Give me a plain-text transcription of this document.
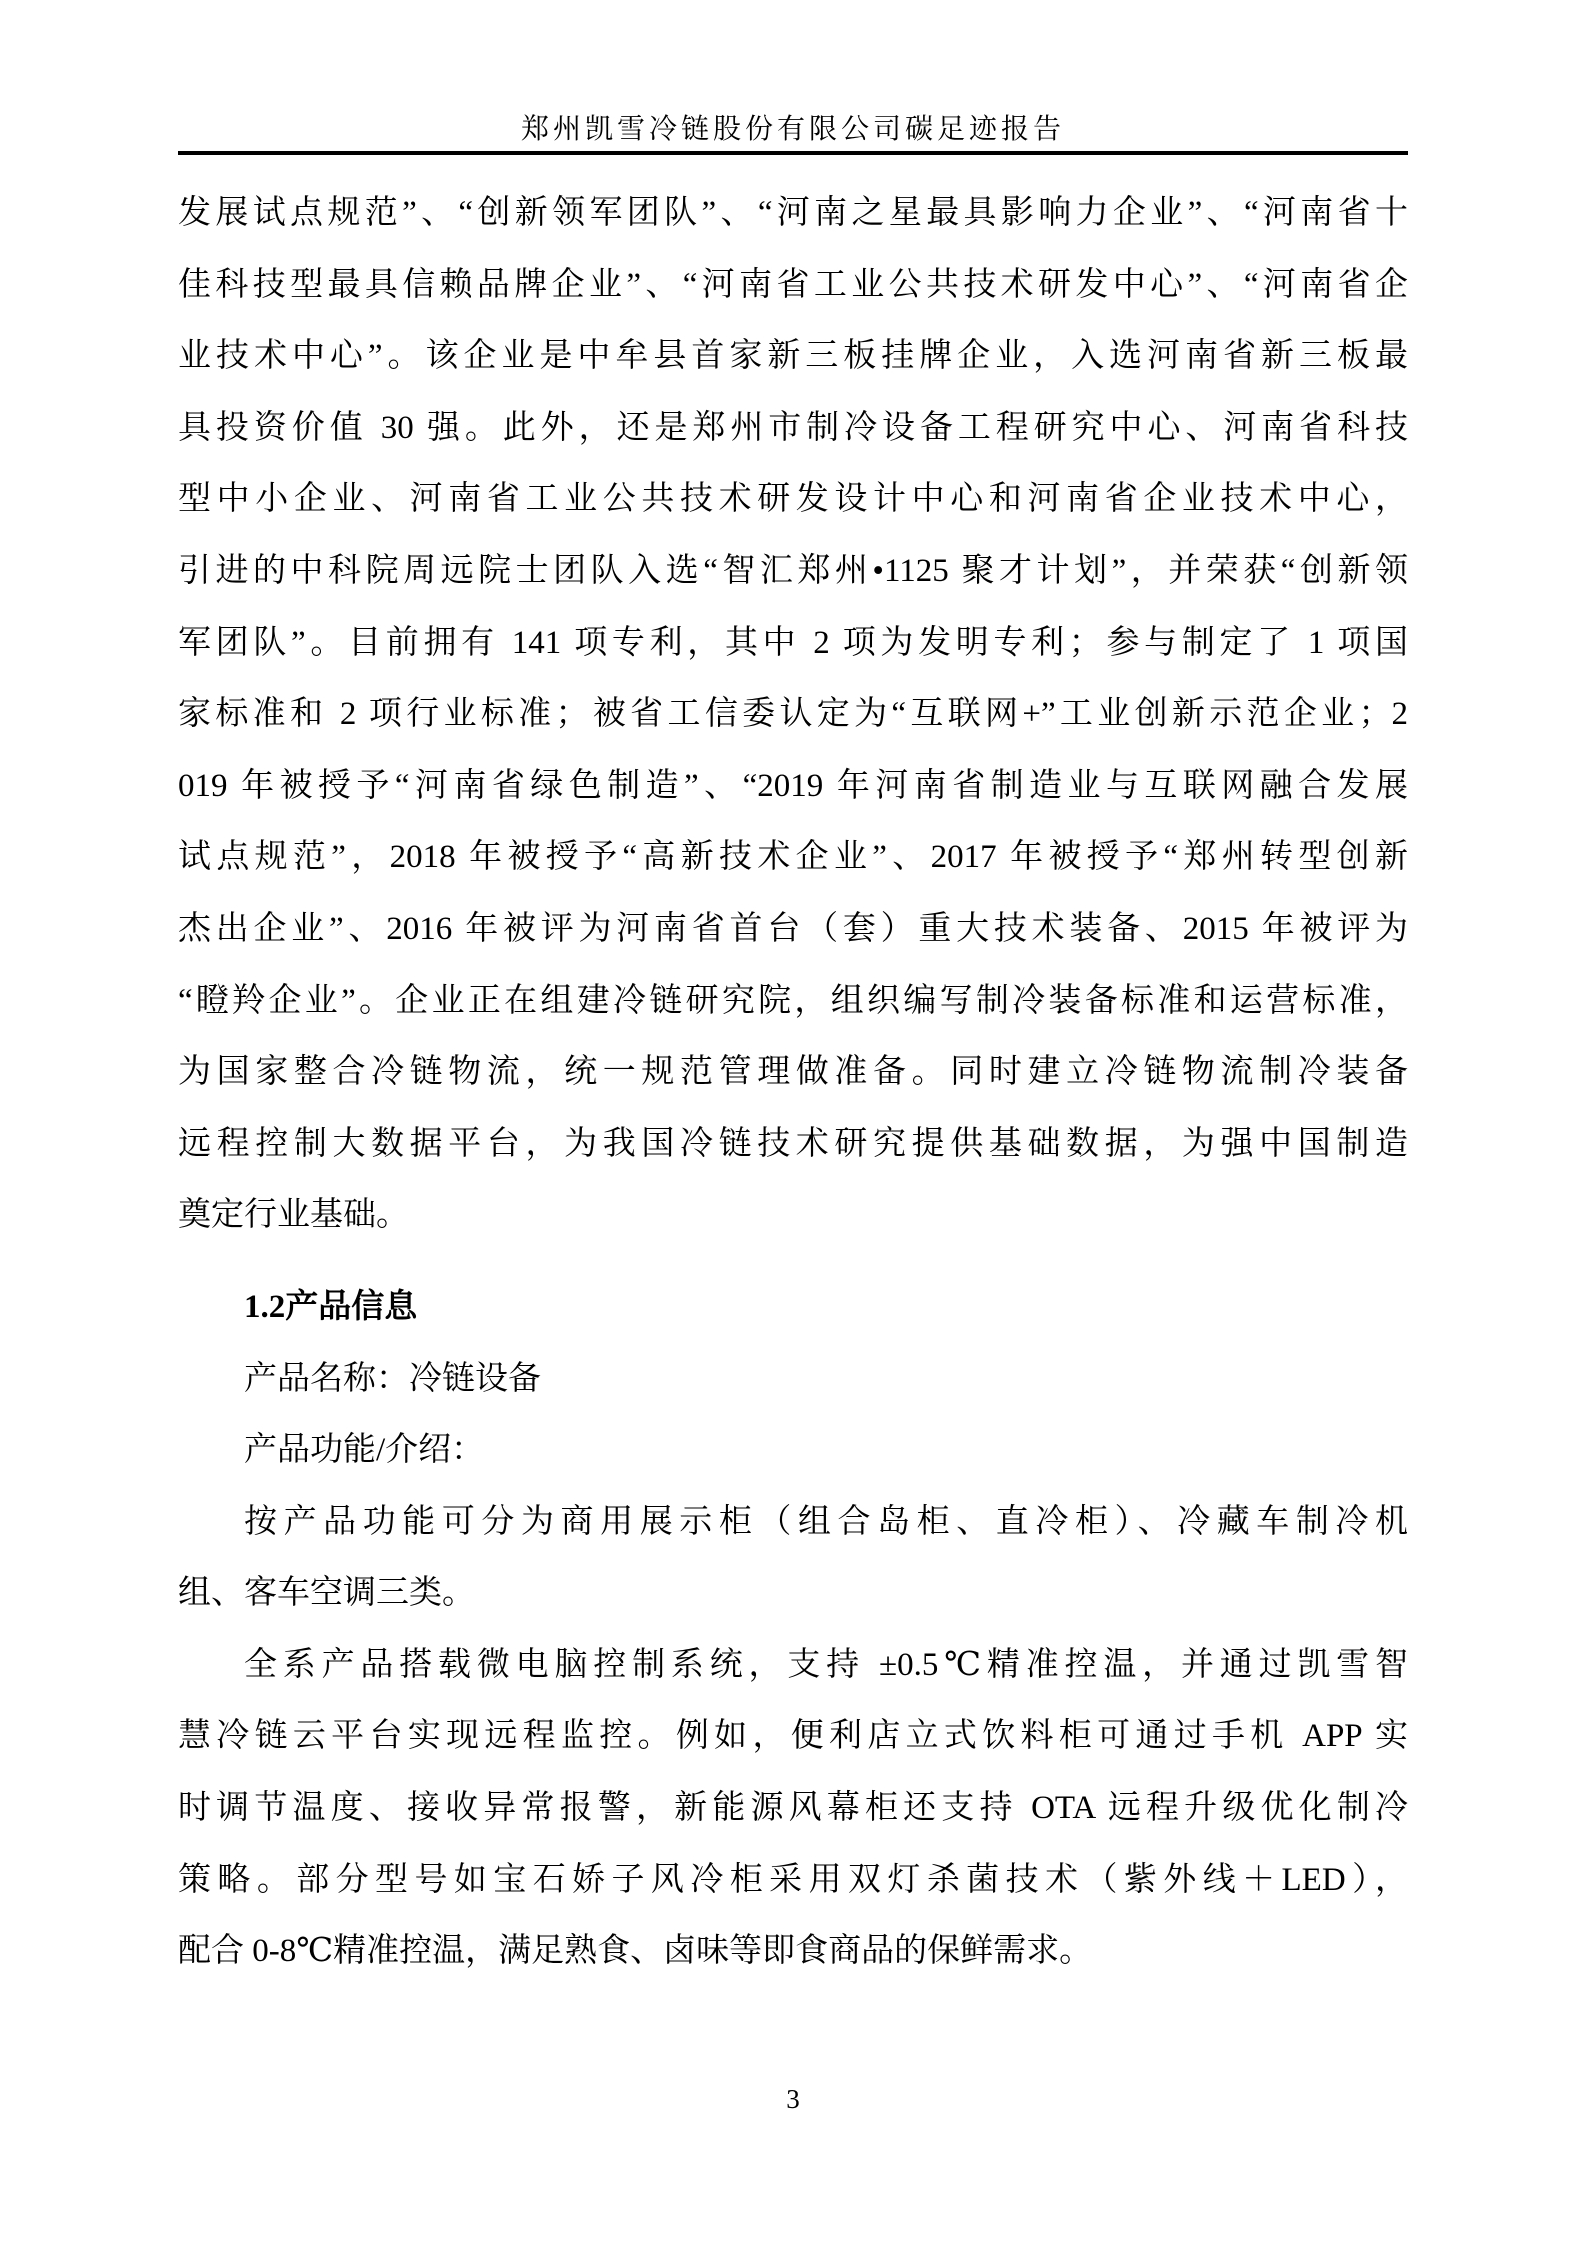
郑州凯雪冷链股份有限公司碳足迹报告
发展试点规范”、“创新领军团队”、“河南之星最具影响力企业”、“河南省十
佳科技型最具信赖品牌企业”、“河南省工业公共技术研发中心”、“河南省企
业技术中心”。该企业是中牟县首家新三板挂牌企业，入选河南省新三板最
具投资价值 30 强。此外，还是郑州市制冷设备工程研究中心、河南省科技
型中小企业、河南省工业公共技术研发设计中心和河南省企业技术中心，
引进的中科院周远院士团队入选“智汇郑州•1125 聚才计划”，并荣获“创新领
军团队”。目前拥有 141 项专利，其中 2 项为发明专利；参与制定了 1 项国
家标准和 2 项行业标准；被省工信委认定为“互联网+”工业创新示范企业；2
019 年被授予“河南省绿色制造”、“2019 年河南省制造业与互联网融合发展
试点规范”，2018 年被授予“高新技术企业”、2017 年被授予“郑州转型创新
杰出企业”、2016 年被评为河南省首台（套）重大技术装备、2015 年被评为
“瞪羚企业”。企业正在组建冷链研究院，组织编写制冷装备标准和运营标准，
为国家整合冷链物流，统一规范管理做准备。同时建立冷链物流制冷装备
远程控制大数据平台，为我国冷链技术研究提供基础数据，为强中国制造
奠定行业基础。
1.2产品信息
产品名称：冷链设备
产品功能/介绍：
按产品功能可分为商用展示柜（组合岛柜、直冷柜）、冷藏车制冷机
组、客车空调三类。
全系产品搭载微电脑控制系统，支持 ±0.5℃精准控温，并通过凯雪智
慧冷链云平台实现远程监控。例如，便利店立式饮料柜可通过手机 APP 实
时调节温度、接收异常报警，新能源风幕柜还支持 OTA 远程升级优化制冷
策略。部分型号如宝石娇子风冷柜采用双灯杀菌技术（紫外线＋LED），
配合 0-8℃精准控温，满足熟食、卤味等即食商品的保鲜需求。
3
